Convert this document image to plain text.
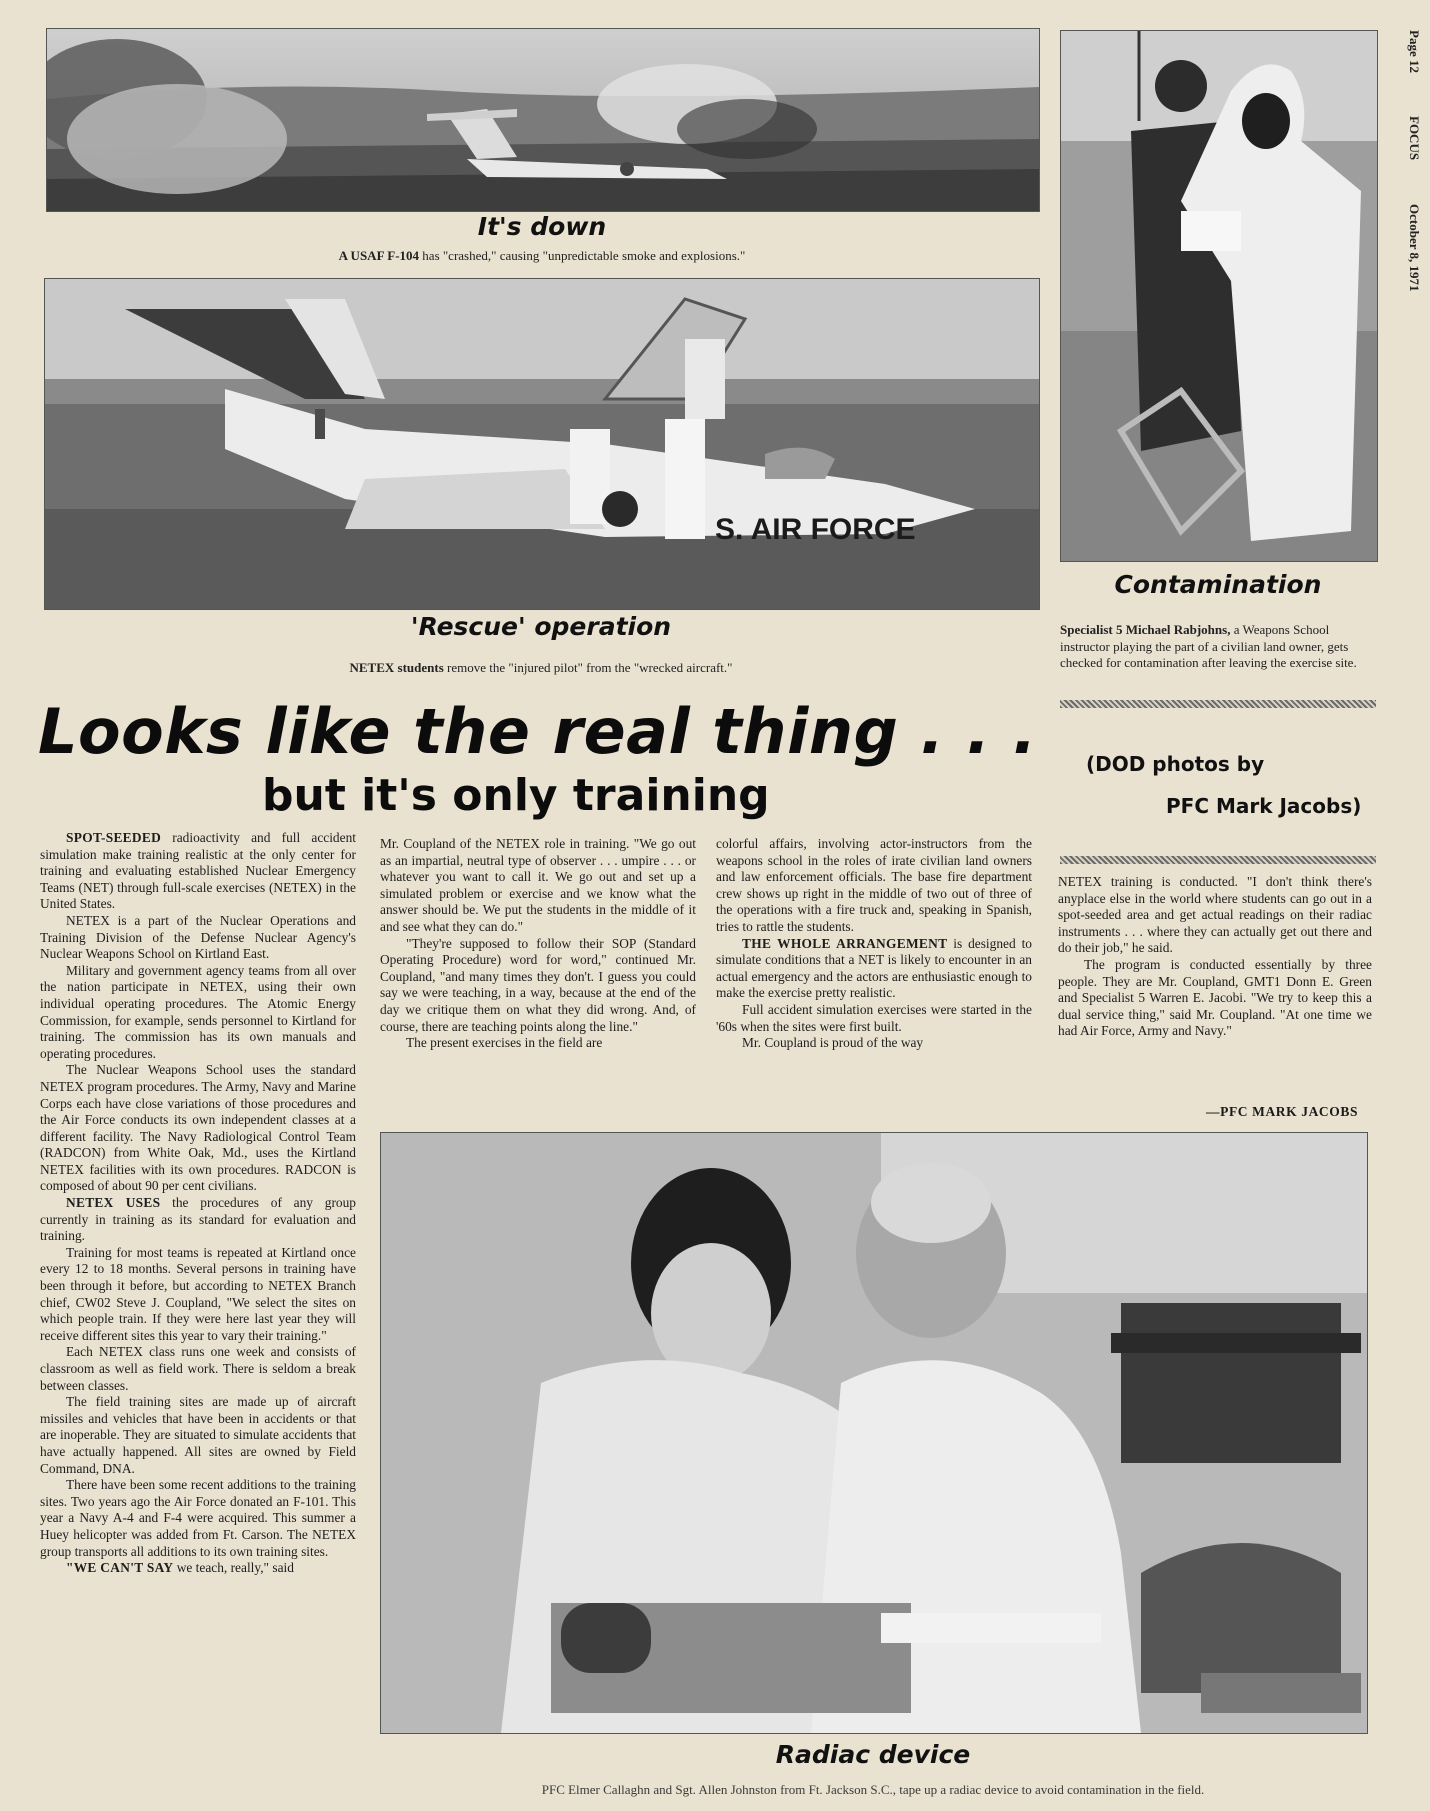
Page 12 FOCUS October 8, 1971
It's down
A USAF F-104 has "crashed," causing "unpredictable smoke and explosions."
S. AIR FORCE
'Rescue' operation
NETEX students remove the "injured pilot" from the "wrecked aircraft."
Contamination
Specialist 5 Michael Rabjohns, a Weapons School instructor playing the part of a civilian land owner, gets checked for contamination after leaving the exercise site.
Looks like the real thing . . .
but it's only training
(DOD photos by
PFC Mark Jacobs)

SPOT-SEEDED radioactivity and full accident simulation make training realistic at the only center for training and evaluating established Nuclear Emergency Teams (NET) through full-scale exercises (NETEX) in the United States.

NETEX is a part of the Nuclear Operations and Training Division of the Defense Nuclear Agency's Nuclear Weapons School on Kirtland East.

Military and government agency teams from all over the nation participate in NETEX, using their own individual operating procedures. The Atomic Energy Commission, for example, sends personnel to Kirtland for training. The commission has its own manuals and operating procedures.

The Nuclear Weapons School uses the standard NETEX program procedures. The Army, Navy and Marine Corps each have close variations of those procedures and the Air Force conducts its own independent classes at a different facility. The Navy Radiological Control Team (RADCON) from White Oak, Md., uses the Kirtland NETEX facilities with its own procedures. RADCON is composed of about 90 per cent civilians.

NETEX USES the procedures of any group currently in training as its standard for evaluation and training.

Training for most teams is repeated at Kirtland once every 12 to 18 months. Several persons in training have been through it before, but according to NETEX Branch chief, CW02 Steve J. Coupland, "We select the sites on which people train. If they were here last year they will receive different sites this year to vary their training."

Each NETEX class runs one week and consists of classroom as well as field work. There is seldom a break between classes.

The field training sites are made up of aircraft missiles and vehicles that have been in accidents or that are inoperable. They are situated to simulate accidents that have actually happened. All sites are owned by Field Command, DNA.

There have been some recent additions to the training sites. Two years ago the Air Force donated an F-101. This year a Navy A-4 and F-4 were acquired. This summer a Huey helicopter was added from Ft. Carson. The NETEX group transports all additions to its own training sites.

"WE CAN'T SAY we teach, really," said

Mr. Coupland of the NETEX role in training. "We go out as an impartial, neutral type of observer . . . umpire . . . or whatever you want to call it. We go out and set up a simulated problem or exercise and we know what the answer should be. We put the students in the middle of it and see what they can do."

"They're supposed to follow their SOP (Standard Operating Procedure) word for word," continued Mr. Coupland, "and many times they don't. I guess you could say we were teaching, in a way, because at the end of the day we critique them on what they did wrong. And, of course, there are teaching points along the line."

The present exercises in the field are

colorful affairs, involving actor-instructors from the weapons school in the roles of irate civilian land owners and law enforcement officials. The base fire department crew shows up right in the middle of two out of three of the operations with a fire truck and, speaking in Spanish, tries to rattle the students.

THE WHOLE ARRANGEMENT is designed to simulate conditions that a NET is likely to encounter in an actual emergency and the actors are enthusiastic enough to make the exercise pretty realistic.

Full accident simulation exercises were started in the '60s when the sites were first built.

Mr. Coupland is proud of the way

NETEX training is conducted. "I don't think there's anyplace else in the world where students can go out in a spot-seeded area and get actual readings on their radiac instruments . . . where they can actually get out there and do their job," he said.

The program is conducted essentially by three people. They are Mr. Coupland, GMT1 Donn E. Green and Specialist 5 Warren E. Jacobi. "We try to keep this a dual service thing," said Mr. Coupland. "At one time we had Air Force, Army and Navy."

—PFC MARK JACOBS
Radiac device
PFC Elmer Callaghn and Sgt. Allen Johnston from Ft. Jackson S.C., tape up a radiac device to avoid contamination in the field.
